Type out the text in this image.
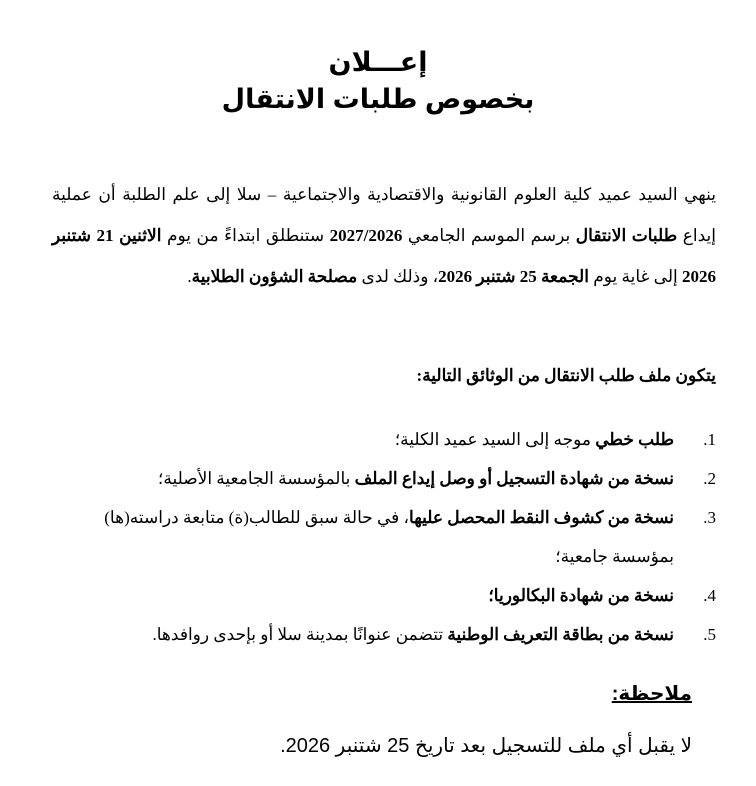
إعـــلان
بخصوص طلبات الانتقال
ينهي السيد عميد كلية العلوم القانونية والاقتصادية والاجتماعية – سلا إلى علم الطلبة أن عملية إيداع طلبات الانتقال برسم الموسم الجامعي 2027/2026 ستنطلق ابتداءً من يوم الاثنين 21 شتنبر 2026 إلى غاية يوم الجمعة 25 شتنبر 2026، وذلك لدى مصلحة الشؤون الطلابية.
يتكون ملف طلب الانتقال من الوثائق التالية:
1.
طلب خطي موجه إلى السيد عميد الكلية؛
2.
نسخة من شهادة التسجيل أو وصل إيداع الملف بالمؤسسة الجامعية الأصلية؛
3.
نسخة من كشوف النقط المحصل عليها، في حالة سبق للطالب(ة) متابعة دراسته(ها) بمؤسسة جامعية؛
4.
نسخة من شهادة البكالوريا؛
5.
نسخة من بطاقة التعريف الوطنية تتضمن عنوانًا بمدينة سلا أو بإحدى روافدها.
ملاحظة:
لا يقبل أي ملف للتسجيل بعد تاريخ 25 شتنبر 2026.
